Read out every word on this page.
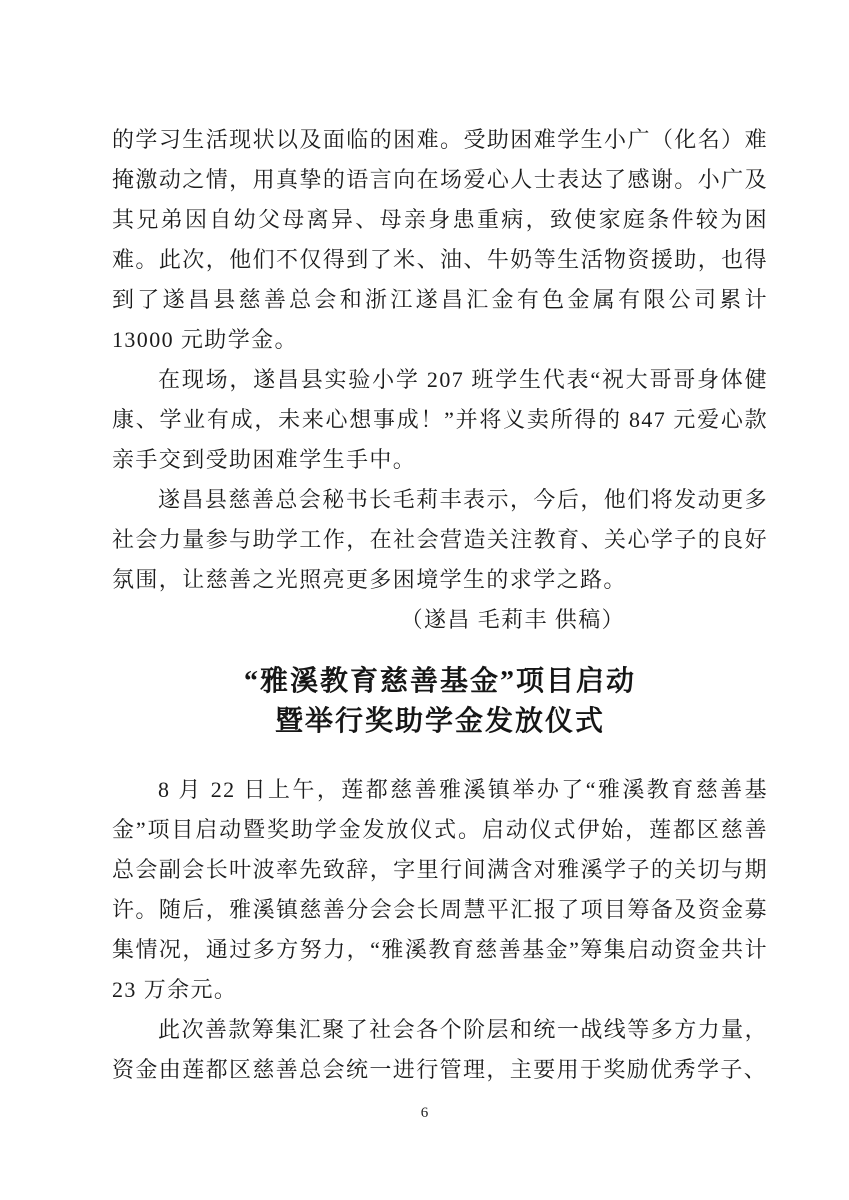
的学习生活现状以及面临的困难。受助困难学生小广（化名）难掩激动之情，用真挚的语言向在场爱心人士表达了感谢。小广及其兄弟因自幼父母离异、母亲身患重病，致使家庭条件较为困难。此次，他们不仅得到了米、油、牛奶等生活物资援助，也得到了遂昌县慈善总会和浙江遂昌汇金有色金属有限公司累计 13000 元助学金。

在现场，遂昌县实验小学 207 班学生代表“祝大哥哥身体健康、学业有成，未来心想事成！”并将义卖所得的 847 元爱心款亲手交到受助困难学生手中。

遂昌县慈善总会秘书长毛莉丰表示，今后，他们将发动更多社会力量参与助学工作，在社会营造关注教育、关心学子的良好氛围，让慈善之光照亮更多困境学生的求学之路。

（遂昌 毛莉丰 供稿）
“雅溪教育慈善基金”项目启动
暨举行奖助学金发放仪式

8 月 22 日上午，莲都慈善雅溪镇举办了“雅溪教育慈善基金”项目启动暨奖助学金发放仪式。启动仪式伊始，莲都区慈善总会副会长叶波率先致辞，字里行间满含对雅溪学子的关切与期许。随后，雅溪镇慈善分会会长周慧平汇报了项目筹备及资金募集情况，通过多方努力，“雅溪教育慈善基金”筹集启动资金共计 23 万余元。

此次善款筹集汇聚了社会各个阶层和统一战线等多方力量，资金由莲都区慈善总会统一进行管理，主要用于奖励优秀学子、

6
